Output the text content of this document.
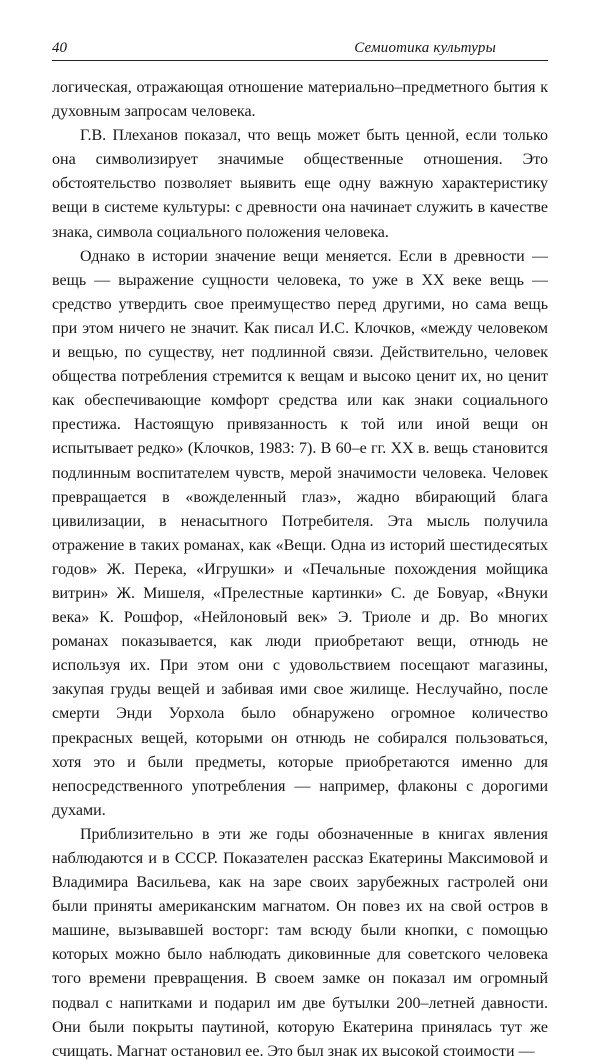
40	Семиотика культуры

логическая, отражающая отношение материально–предметного бытия к духовным запросам человека.

Г.В. Плеханов показал, что вещь может быть ценной, если только она символизирует значимые общественные отношения. Это обстоятельство позволяет выявить еще одну важную характеристику вещи в системе культуры: с древности она начинает служить в качестве знака, символа социального положения человека.

Однако в истории значение вещи меняется. Если в древности — вещь — выражение сущности человека, то уже в XX веке вещь — средство утвердить свое преимущество перед другими, но сама вещь при этом ничего не значит. Как писал И.С. Клочков, «между человеком и вещью, по существу, нет подлинной связи. Действительно, человек общества потребления стремится к вещам и высоко ценит их, но ценит как обеспечивающие комфорт средства или как знаки социального престижа. Настоящую привязанность к той или иной вещи он испытывает редко» (Клочков, 1983: 7). В 60–е гг. XX в. вещь становится подлинным воспитателем чувств, мерой значимости человека. Человек превращается в «вожделенный глаз», жадно вбирающий блага цивилизации, в ненасытного Потребителя. Эта мысль получила отражение в таких романах, как «Вещи. Одна из историй шестидесятых годов» Ж. Перека, «Игрушки» и «Печальные похождения мойщика витрин» Ж. Мишеля, «Прелестные картинки» С. де Бовуар, «Внуки века» К. Рошфор, «Нейлоновый век» Э. Триоле и др. Во многих романах показывается, как люди приобретают вещи, отнюдь не используя их. При этом они с удовольствием посещают магазины, закупая груды вещей и забивая ими свое жилище. Неслучайно, после смерти Энди Уорхола было обнаружено огромное количество прекрасных вещей, которыми он отнюдь не собирался пользоваться, хотя это и были предметы, которые приобретаются именно для непосредственного употребления — например, флаконы с дорогими духами.

Приблизительно в эти же годы обозначенные в книгах явления наблюдаются и в СССР. Показателен рассказ Екатерины Максимовой и Владимира Васильева, как на заре своих зарубежных гастролей они были приняты американским магнатом. Он повез их на свой остров в машине, вызывавшей восторг: там всюду были кнопки, с помощью которых можно было наблюдать диковинные для советского человека того времени превращения. В своем замке он показал им огромный подвал с напитками и подарил им две бутылки 200–летней давности. Они были покрыты паутиной, которую Екатерина принялась тут же счищать. Магнат остановил ее. Это был знак их высокой стоимости —
